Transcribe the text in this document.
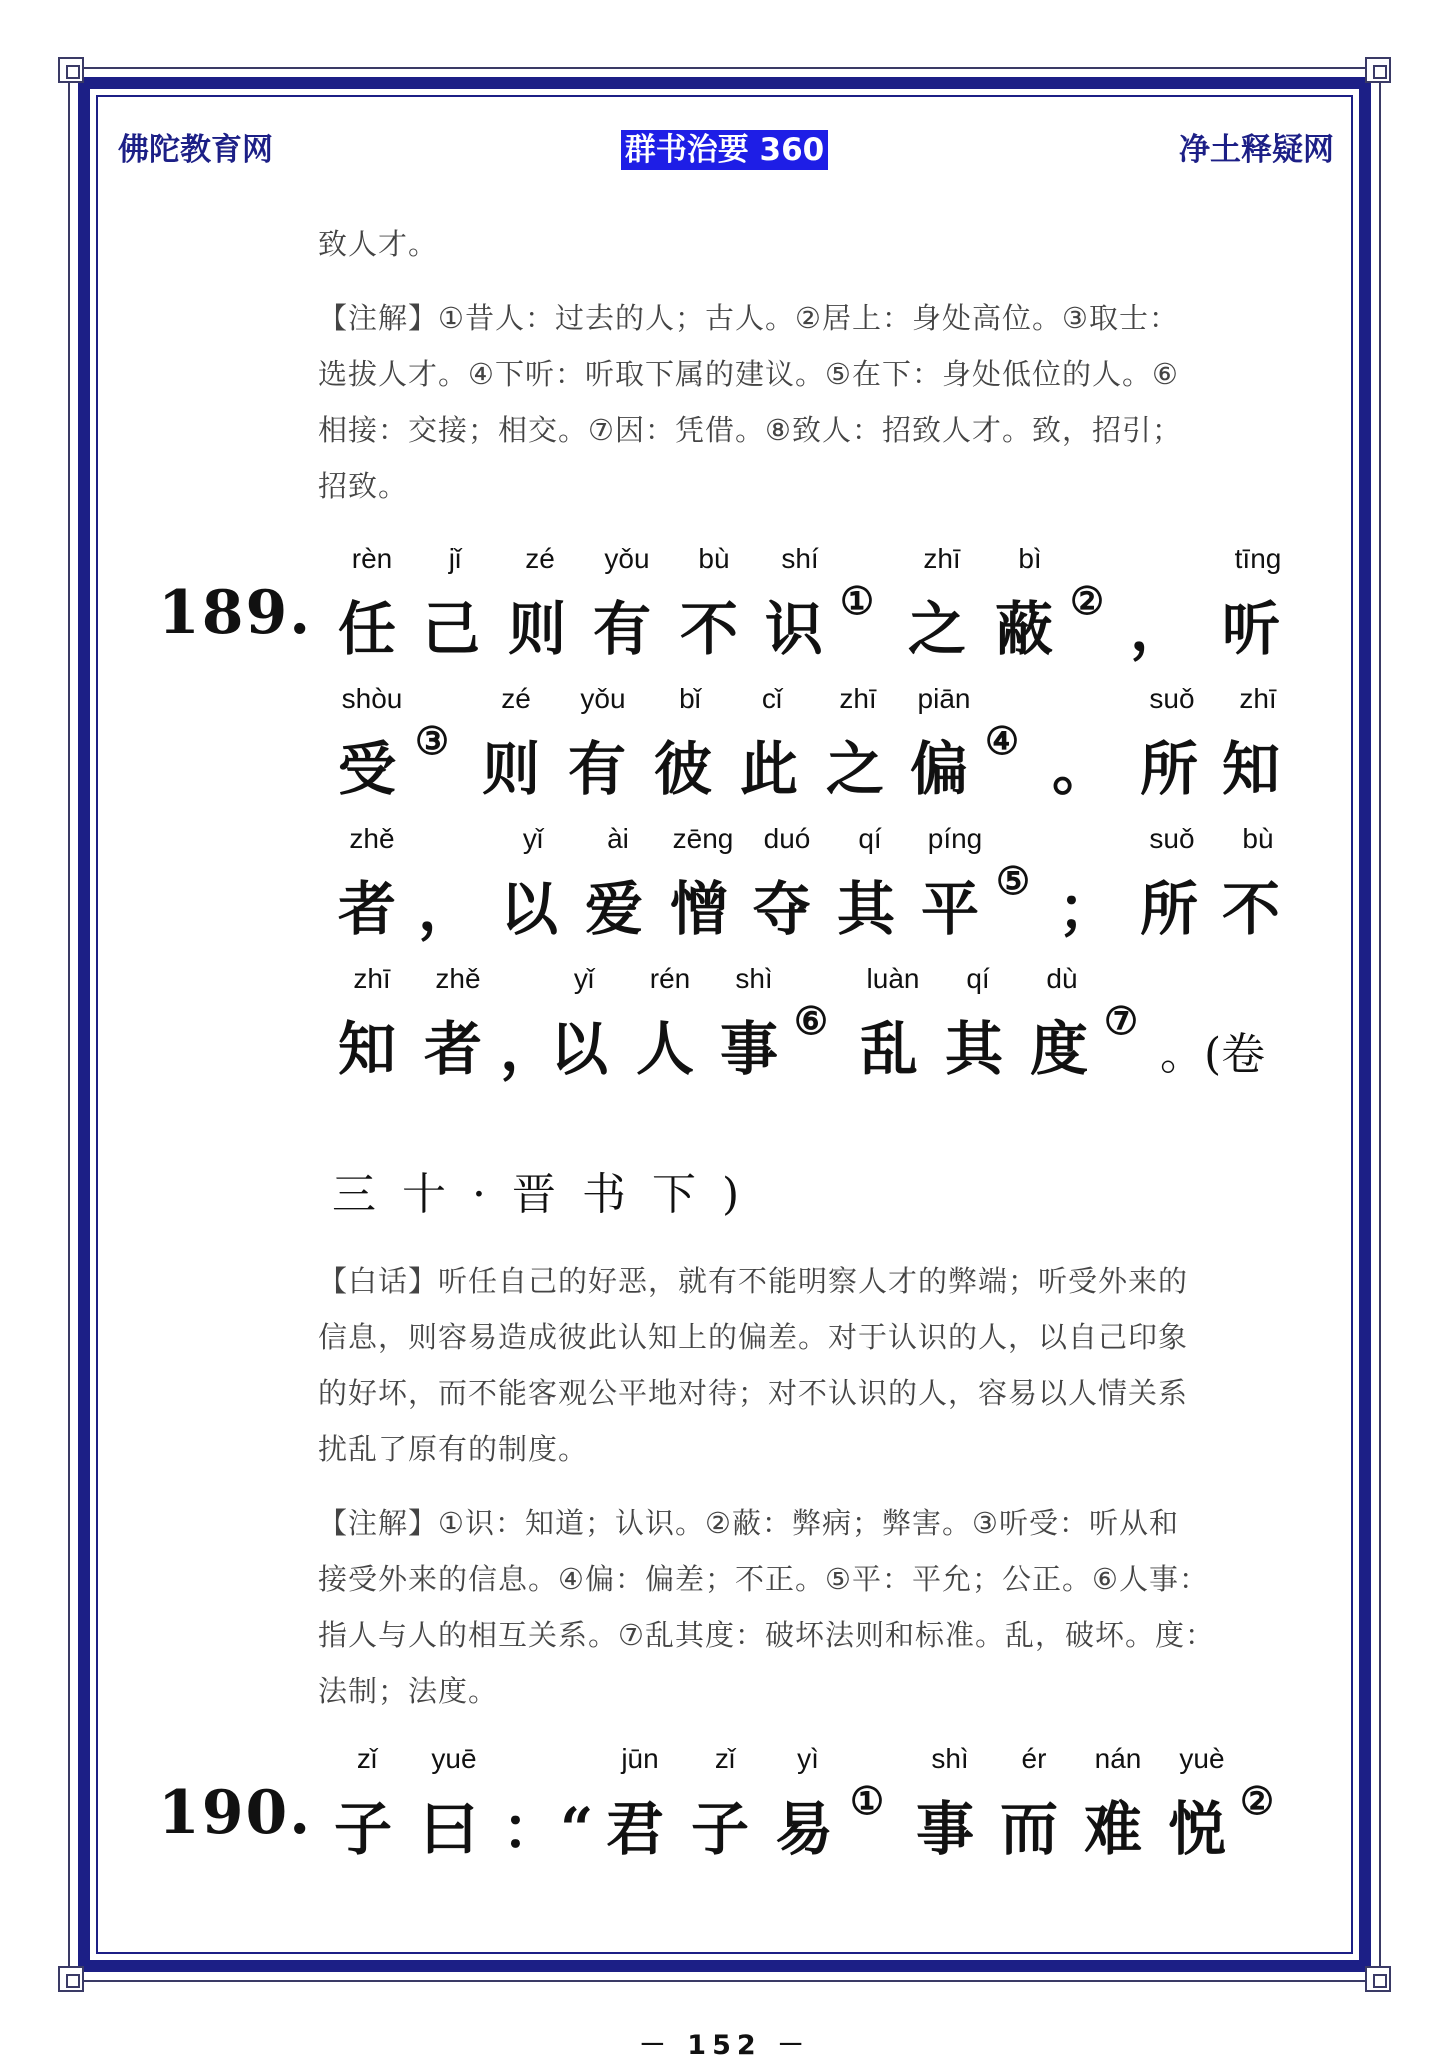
佛陀教育网	群书治要 360	净土释疑网

致人才。

【注解】①昔人：过去的人；古人。②居上：身处高位。③取士：

选拔人才。④下听：听取下属的建议。⑤在下：身处低位的人。⑥

相接：交接；相交。⑦因：凭借。⑧致人：招致人才。致，招引；

招致。

189.
rèn jǐ zé yǒu bù shí	zhī bì	tīng
任 己 则 有 不 识 ① 之 蔽 ② ， 听
shòu	zé yǒu bǐ cǐ zhī piān	suǒ zhī
受 ③ 则 有 彼 此 之 偏 ④ 。 所 知
zhě	yǐ ài zēng duó qí píng	suǒ bù
者 ， 以 爱 憎 夺 其 平 ⑤ ； 所 不
zhī zhě	yǐ rén shì	luàn qí dù
知 者 ，
以 人 事 ⑥ 乱 其 度 ⑦
。(卷
三十·晋书下)

【白话】听任自己的好恶，就有不能明察人才的弊端；听受外来的

信息，则容易造成彼此认知上的偏差。对于认识的人，以自己印象

的好坏，而不能客观公平地对待；对不认识的人，容易以人情关系

扰乱了原有的制度。

【注解】①识：知道；认识。②蔽：弊病；弊害。③听受：听从和

接受外来的信息。④偏：偏差；不正。⑤平：平允；公正。⑥人事：

指人与人的相互关系。⑦乱其度：破坏法则和标准。乱，破坏。度：

法制；法度。

190.
zǐ yuē	jūn zǐ yì	shì ér nán yuè
子 曰 ：“ 君 子 易 ① 事 而 难 悦 ②
－ 152 －
